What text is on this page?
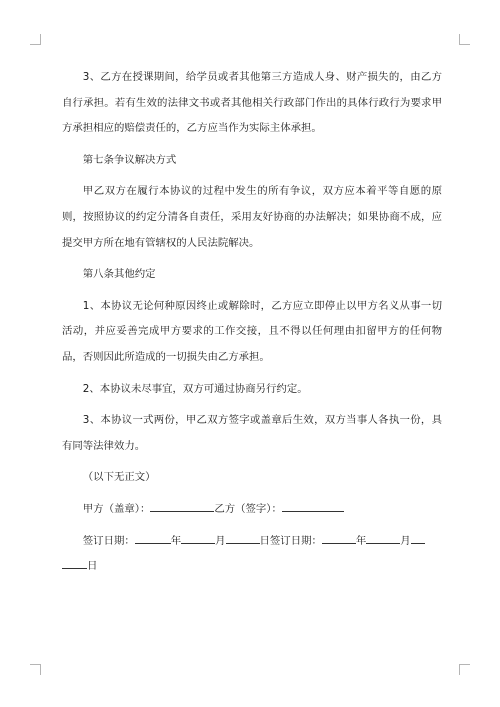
3、乙方在授课期间，给学员或者其他第三方造成人身、财产损失的，由乙方自行承担。若有生效的法律文书或者其他相关行政部门作出的具体行政行为要求甲方承担相应的赔偿责任的，乙方应当作为实际主体承担。

第七条争议解决方式

甲乙双方在履行本协议的过程中发生的所有争议，双方应本着平等自愿的原则，按照协议的约定分清各自责任，采用友好协商的办法解决；如果协商不成，应提交甲方所在地有管辖权的人民法院解决。

第八条其他约定

1、本协议无论何种原因终止或解除时，乙方应立即停止以甲方名义从事一切活动，并应妥善完成甲方要求的工作交接，且不得以任何理由扣留甲方的任何物品，否则因此所造成的一切损失由乙方承担。

2、本协议未尽事宜，双方可通过协商另行约定。

3、本协议一式两份，甲乙双方签字或盖章后生效，双方当事人各执一份，具有同等法律效力。

（以下无正文）

甲方（盖章）：	乙方（签字）：

签订日期：	年	月	日签订日期：	年	月

日
